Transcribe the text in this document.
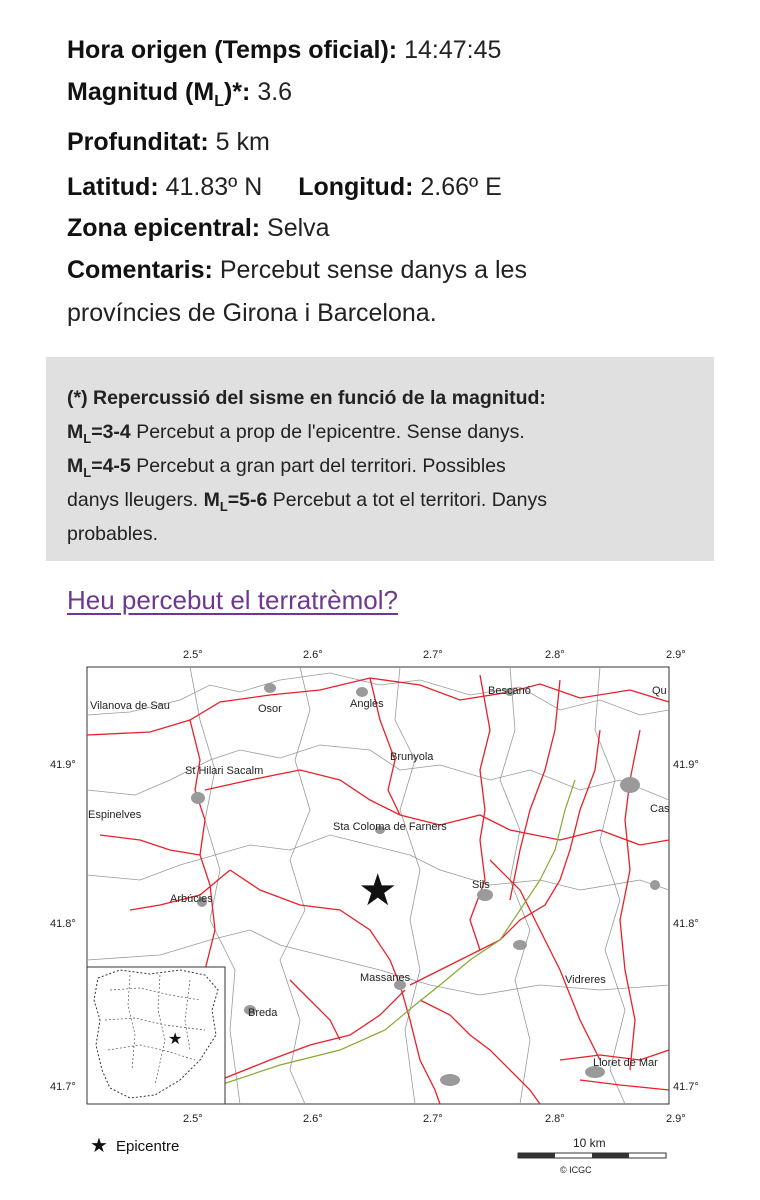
Hora origen (Temps oficial): 14:47:45
Magnitud $(M_L)*$: 3.6
Profunditat: 5 km
Latitud: 41.83º N Longitud: 2.66º E
Zona epicentral: Selva
Comentaris: Percebut sense danys a les
províncies de Girona i Barcelona.
(*) Repercussió del sisme en funció de la magnitud:
$M_L=3-4$ Percebut a prop de l'epicentre. Sense danys.
$M_L=4-5$ Percebut a gran part del territori. Possibles
danys lleugers. $M_L=5-6$ Percebut a tot el territori. Danys
probables.
Heu percebut el terratrèmol?
Vilanova de Sau	Osor	Anglès
Bescanó	Qu
St Hilari Sacalm
Brunyola
Espinelves
Sta Coloma de Farners
Cas
Arbúcies
Sils
Massanes	Vidreres
Breda
Lloret de Mar
2.5°	2.6°	2.7°	2.8°	2.9°
2.5°	2.6°	2.7°	2.8°	2.9°
41.9°
41.8°
41.7°
41.9°
41.8°
41.7°
★
★
★ Epicentre	10 km
© ICGC
